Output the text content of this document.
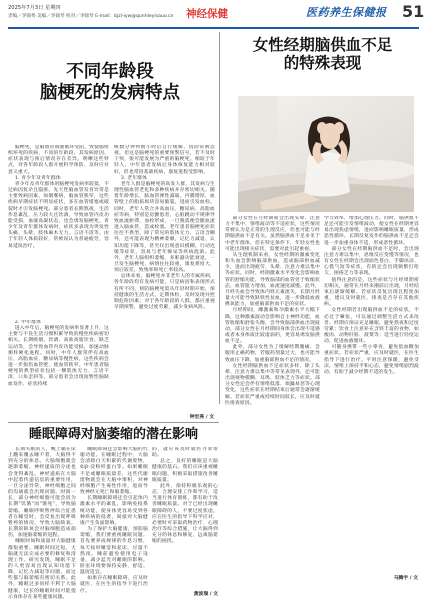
2025年7月3日 星期四
责编／李锦秀 美编／李锦琴 校对／李锦琴 E-mail：bjzl-iyw@qunhleyisauo.cn 神经保健	医药养生保健报 51
不同年龄段
脑梗死的发病特点
脑梗死，是脑血管血液循环受阻、致使脑组织坏死的疾病，不同的年龄段，其发病原因、症状表现与预后情况存在差异。明晰这些特点，对各年龄段人群开展科学预防、及时应对意义重大。
1. 青少年及青年群体
青少年及青年群体的脑梗死发病率较低，不过病因复杂且隐匿。先天性脑血管发育异常是主要致病因素，如烟雾病，脑血管狭窄，这些疾病早期症状不明显症状，多在血管堵塞或破裂时才引发脑梗死。部分患者长期熬夜，生活作息紊乱，压力较大且饮酒，导致血管内皮功能受损，血液高凝状态，也会诱发脑梗死。青少年及青年群体发病时，症状多表现为突发性头痛、头晕、肢体麻木无力，言语不清等。由于年轻人体质较好，常被误认为普通疲劳，容易延误治疗。
统数分钟到数小时后自行缓解，因而常被忽视。但这是脑梗死的重要预警信号，若不及时干预，很可能发展为严重的脑梗死。相较于年轻人，中年患者发病后身体恢复能力相对较好，但也常因基础疾病，康复进程受影响。
3. 老年群体
老年人群是脑梗死的高发人群，其发病与生理性脑血管老化和多种疾病并存密切相关。随着年龄增长，脑血管弹性减弱，内膜增厚，血管壁上的脂质斑块容易破裂，进而引发血栓。同时，老年人常合并高血压、糖尿病、高脂血症等病，特别是房颤患者，心脏跳动不规律导致血流瘀滞，血栓形成，一旦脱落便会随血流进入脑血管，造成栓塞。老年患者脑梗死症状往往不典型，除了常见的肢体无力、言语含糊外，还可能表现为精神萎靡，记忆力减退、认知功能下降等，甚至仅出现意识模糊、行动迟缓等症状，容易与老年痴呆等疾病混淆。此外，老年人脑组织萎缩，多脏器功能衰退，一旦发生脑梗死，病情往往较重，康复难度大，预后较差，致残率和死亡率较高。
总体来看，脑梗死并非老年人的专属疾病，各年龄段均有发病可能，只是病因和表现形式有所不同。预防脑梗死需从年轻时期开始，保持健康的生活方式，定期体检，及时发现并控制危险因素；对于各年龄段的人群，都应重视早期预警，避免过度劳累，减少发病风险。
2. 中年群体
进入中年后，脑梗死的发病率显著上升，这主要与不良生活习惯积累导致的慢性疾病密切相关。长期吸烟、饮酒、高盐高脂饮食、缺乏运动等，会导致血管内皮功能受损，加速动脉粥样硬化进程。同时，中年人群常伴有高血压、高脂血症、糖尿病等慢性病，这些疾病会进一步损伤血管壁，使血管狭窄。中年患者脑梗死的典型症状包括一侧肢体无力、言语不清、口角歪斜等。部分患者会出现短暂性脑缺血发作，症状持续
钟宏亮 / 文
女性经期脑供血不足
的特殊表现
部分女性在月经期间会出现头晕、注意力不集中、情绪波动等不适症状，这些情况常被认为是正常的生理反应，但也可能与经期脑供血不足有关。虽然脑供血不足多见于中老年群体，但在特定条件下，年轻女性也可能出现相关症状，需要对此引起重视。
从生理机制来看，女性经期的激素变化和失血会影响脑部供血，造成脑部供血减少，进而出现疲劳、头晕、注意力难以集中等症状。同时，经期激素水平变化会影响血管的舒缩功能，导致脑部的血管处于收缩状态，血管阻力增加，血流速度减慢。此外，月经失血会导致体内铁元素流失，长期月经量大可能导致缺铁性贫血，进一步降低血液携氧能力，加重脑部供血不足的症状。
月经期间，雌激素和孕激素水平大幅下降，这种激素波动会影响自主神经功能，血管收缩和舒张失衡，会导致脑部供血出现波动，部分女性在月经期间身体会出现不适感或者本身体质比较虚弱的，更容易诱发脑供血不足。
此外，部分女性为了缓解经期腹痛，会服用止痛药物，若服药剂量过大，也可能导致血压下降，加重脑部供血不足的情况。
女性经期脑供血不足症状多样，除了头晕、注意力难以集中等常见表现外，还可能出现视物模糊、耳鸣、肢体乏力等症状。部分女性还会伴有情绪低落、烦躁易怒等心理变化，这些症状在经期结束后通常会逐渐缓解。若症状严重或持续时间较长，应及时就医排查原因。
学习效率，增加心理压力。同时，脑供血不足还可能引发情绪波动，使女性在经期更容易出现焦虑情绪，进而影响睡眠质量，形成恶性循环。长期反复发作的脑供血不足还会进一步加重身体不适，形成恶性循环。
部分女性在经期脑供血不足时，会出现注意力难以集中，思维反应变慢等情况，也有女性在经期会出现面色苍白、手脚冰凉、心慌气短等症状，有的还会出现频繁打哈欠、困倦乏力等表现。
值得注意的是，这些症状与月经周期密切相关，通常在月经来潮前后出现，月经结束后逐渐缓解。若症状反复出现且程度加重，建议及时就医，排查是否存在其他疾病。
女性经期若出现脑供血不足的症状，不必过于紧张，可以通过调整生活方式来改善。经期应保证充足睡眠，避免熬夜和过度劳累；饮食上注意补充含铁丰富的食物，如瘦肉、动物肝脏、菠菜等；适当进行轻度运动，促进血液循环。
可随身携带一些小零食，避免低血糖加重症状。若症状严重，应及时就医，在医生指导下进行治疗。平时注意保暖，避免受凉，情绪上保持平和心态，避免情绪剧烈波动，有助于减少经期不适的发生。
马腾宇 / 文
睡眠障碍对脑萎缩的潜在影响
长期失眠的人，晚上躺在床上翻来覆去睡不着，大脑得不到充分的休息。大脑细胞就会逐渐萎缩。神经递质的分泌也会变得紊乱。神经递质在大脑中起着传递信息的重要作用，一旦分泌异常，神经细胞之间的沟通就会出现问题。时间一长，部分神经细胞可能会因为长期"饥饿"而"饿死"，导致脑萎缩。睡眠呼吸暂停综合征患者在睡觉时，会反复出现呼吸暂停的情况，导致大脑缺氧。长期的缺氧会对脑细胞造成损伤，加速脑萎缩的进程。
睡眠时间和质量对大脑健康都很重要。睡眠时间过短，大脑就无法完成必要的修复和清理工作。研究发现，睡眠不足的人更容易出现认知功能下降，记忆力减退等问题，而这些都与脑萎缩有密切关系。此外，睡眠过多同样不利于大脑健康，过长的睡眠时间可能提示身体存在某些健康问题。
睡眠障碍还会影响大脑的代谢功能。在睡眠过程中，大脑会清除白天积累的代谢废物，如β-淀粉样蛋白等。如果睡眠不足或睡眠质量差，这些代谢废物就会在大脑中堆积，对神经细胞产生毒性作用，进而导致神经元死亡和脑萎缩。
长期睡眠障碍还会引起体内激素水平的紊乱，影响免疫系统功能，使身体更容易受到各种疾病的侵袭，间接对大脑健康产生负面影响。
为了保护大脑健康，预防脑萎缩，我们要重视睡眠问题。首先要养成规律的作息习惯，每天按时睡觉和起床，尽量不熬夜。睡前避免使用电子设备，减少蓝光对睡眠的影响。卧室环境要保持安静、舒适、温度适宜。
如果存在睡眠障碍，应及时就医，在医生的指导下进行治疗。
的，就应该及时就医寻求帮助。
总之，良好的睡眠是大脑健康的基石。我们应该重视睡眠问题，积极采取措施改善睡眠质量。
此外，保持积极乐观的心态，合理安排工作和学习，适当进行体育锻炼，都有助于改善睡眠质量。对于已经出现睡眠障碍的人，不要过度焦虑，应在医生的指导下科学应对，必要时可采取药物治疗、心理治疗等综合措施，让大脑得到充分的休息和修复，远离脑萎缩的困扰。
黄波瑞 / 文
